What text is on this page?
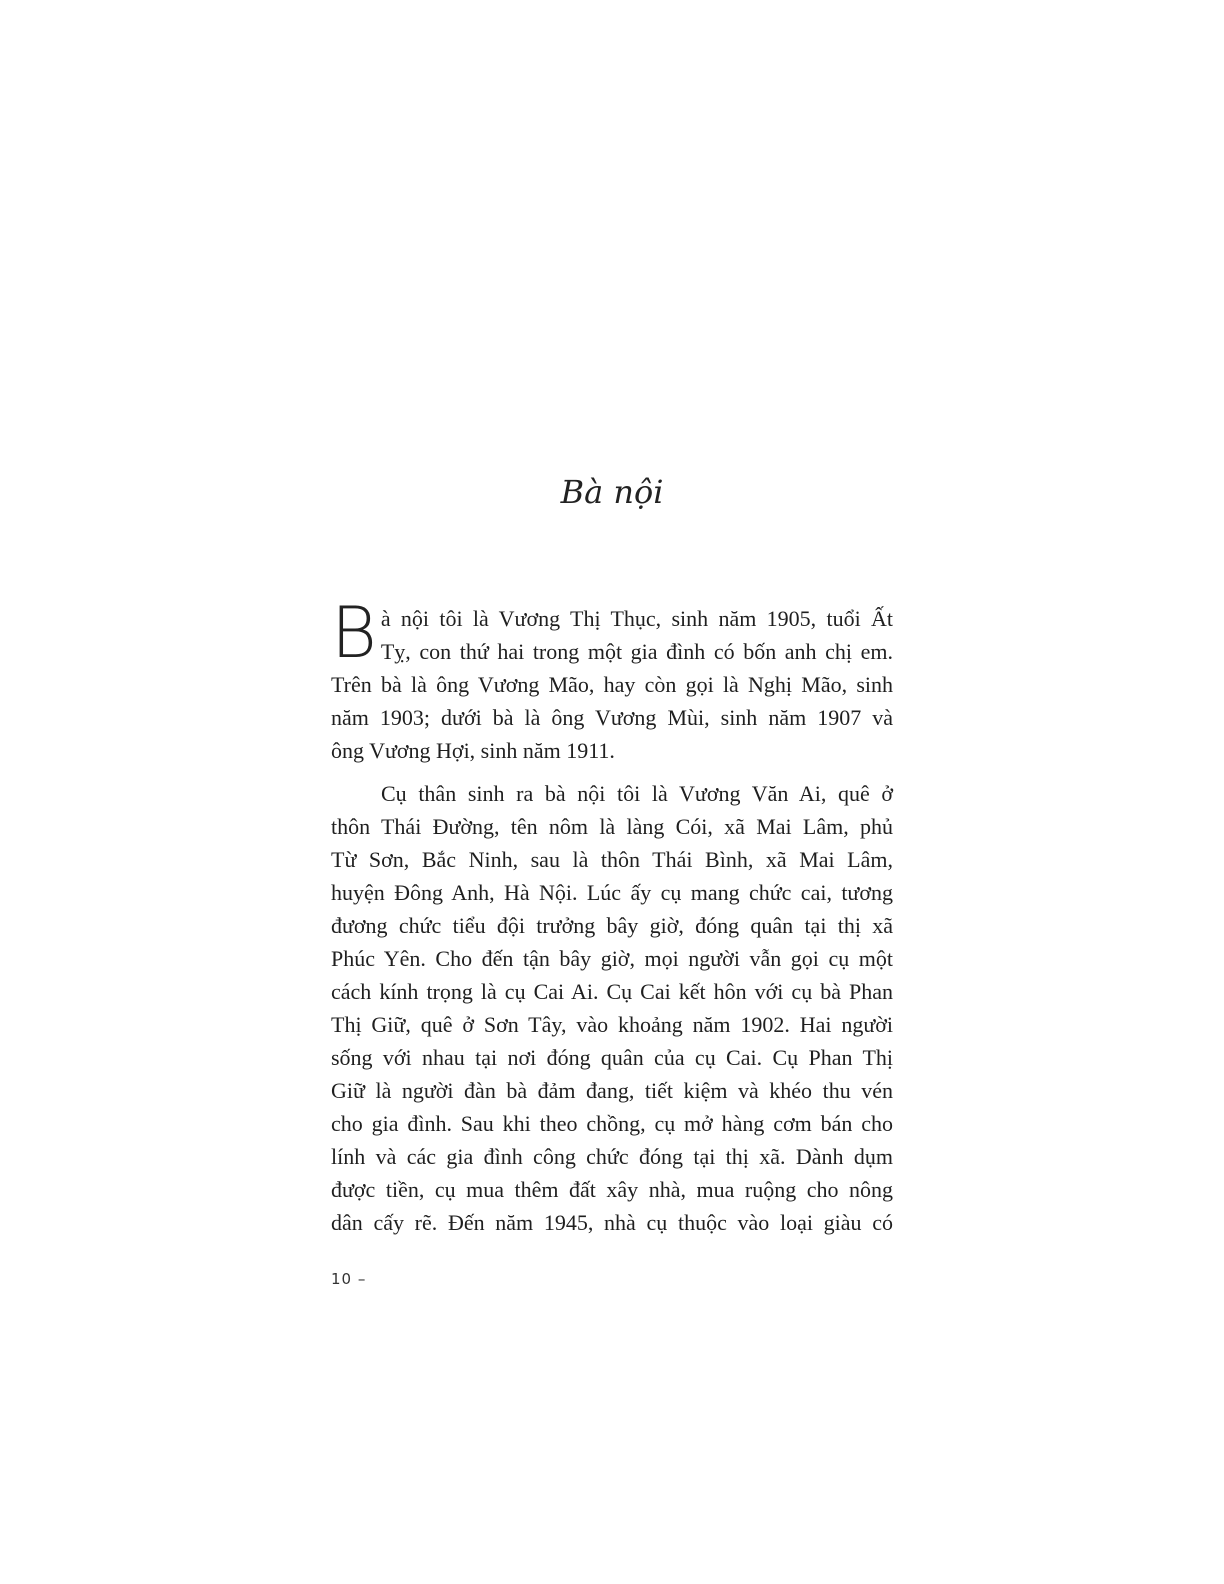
Bà nội

B à nội tôi là Vương Thị Thục, sinh năm 1905, tuổi Ất
Tỵ, con thứ hai trong một gia đình có bốn anh chị em.
Trên bà là ông Vương Mão, hay còn gọi là Nghị Mão, sinh
năm 1903; dưới bà là ông Vương Mùi, sinh năm 1907 và
ông Vương Hợi, sinh năm 1911.

Cụ thân sinh ra bà nội tôi là Vương Văn Ai, quê ở
thôn Thái Đường, tên nôm là làng Cói, xã Mai Lâm, phủ
Từ Sơn, Bắc Ninh, sau là thôn Thái Bình, xã Mai Lâm,
huyện Đông Anh, Hà Nội. Lúc ấy cụ mang chức cai, tương
đương chức tiểu đội trưởng bây giờ, đóng quân tại thị xã
Phúc Yên. Cho đến tận bây giờ, mọi người vẫn gọi cụ một
cách kính trọng là cụ Cai Ai. Cụ Cai kết hôn với cụ bà Phan
Thị Giữ, quê ở Sơn Tây, vào khoảng năm 1902. Hai người
sống với nhau tại nơi đóng quân của cụ Cai. Cụ Phan Thị
Giữ là người đàn bà đảm đang, tiết kiệm và khéo thu vén
cho gia đình. Sau khi theo chồng, cụ mở hàng cơm bán cho
lính và các gia đình công chức đóng tại thị xã. Dành dụm
được tiền, cụ mua thêm đất xây nhà, mua ruộng cho nông
dân cấy rẽ. Đến năm 1945, nhà cụ thuộc vào loại giàu có

10 –
